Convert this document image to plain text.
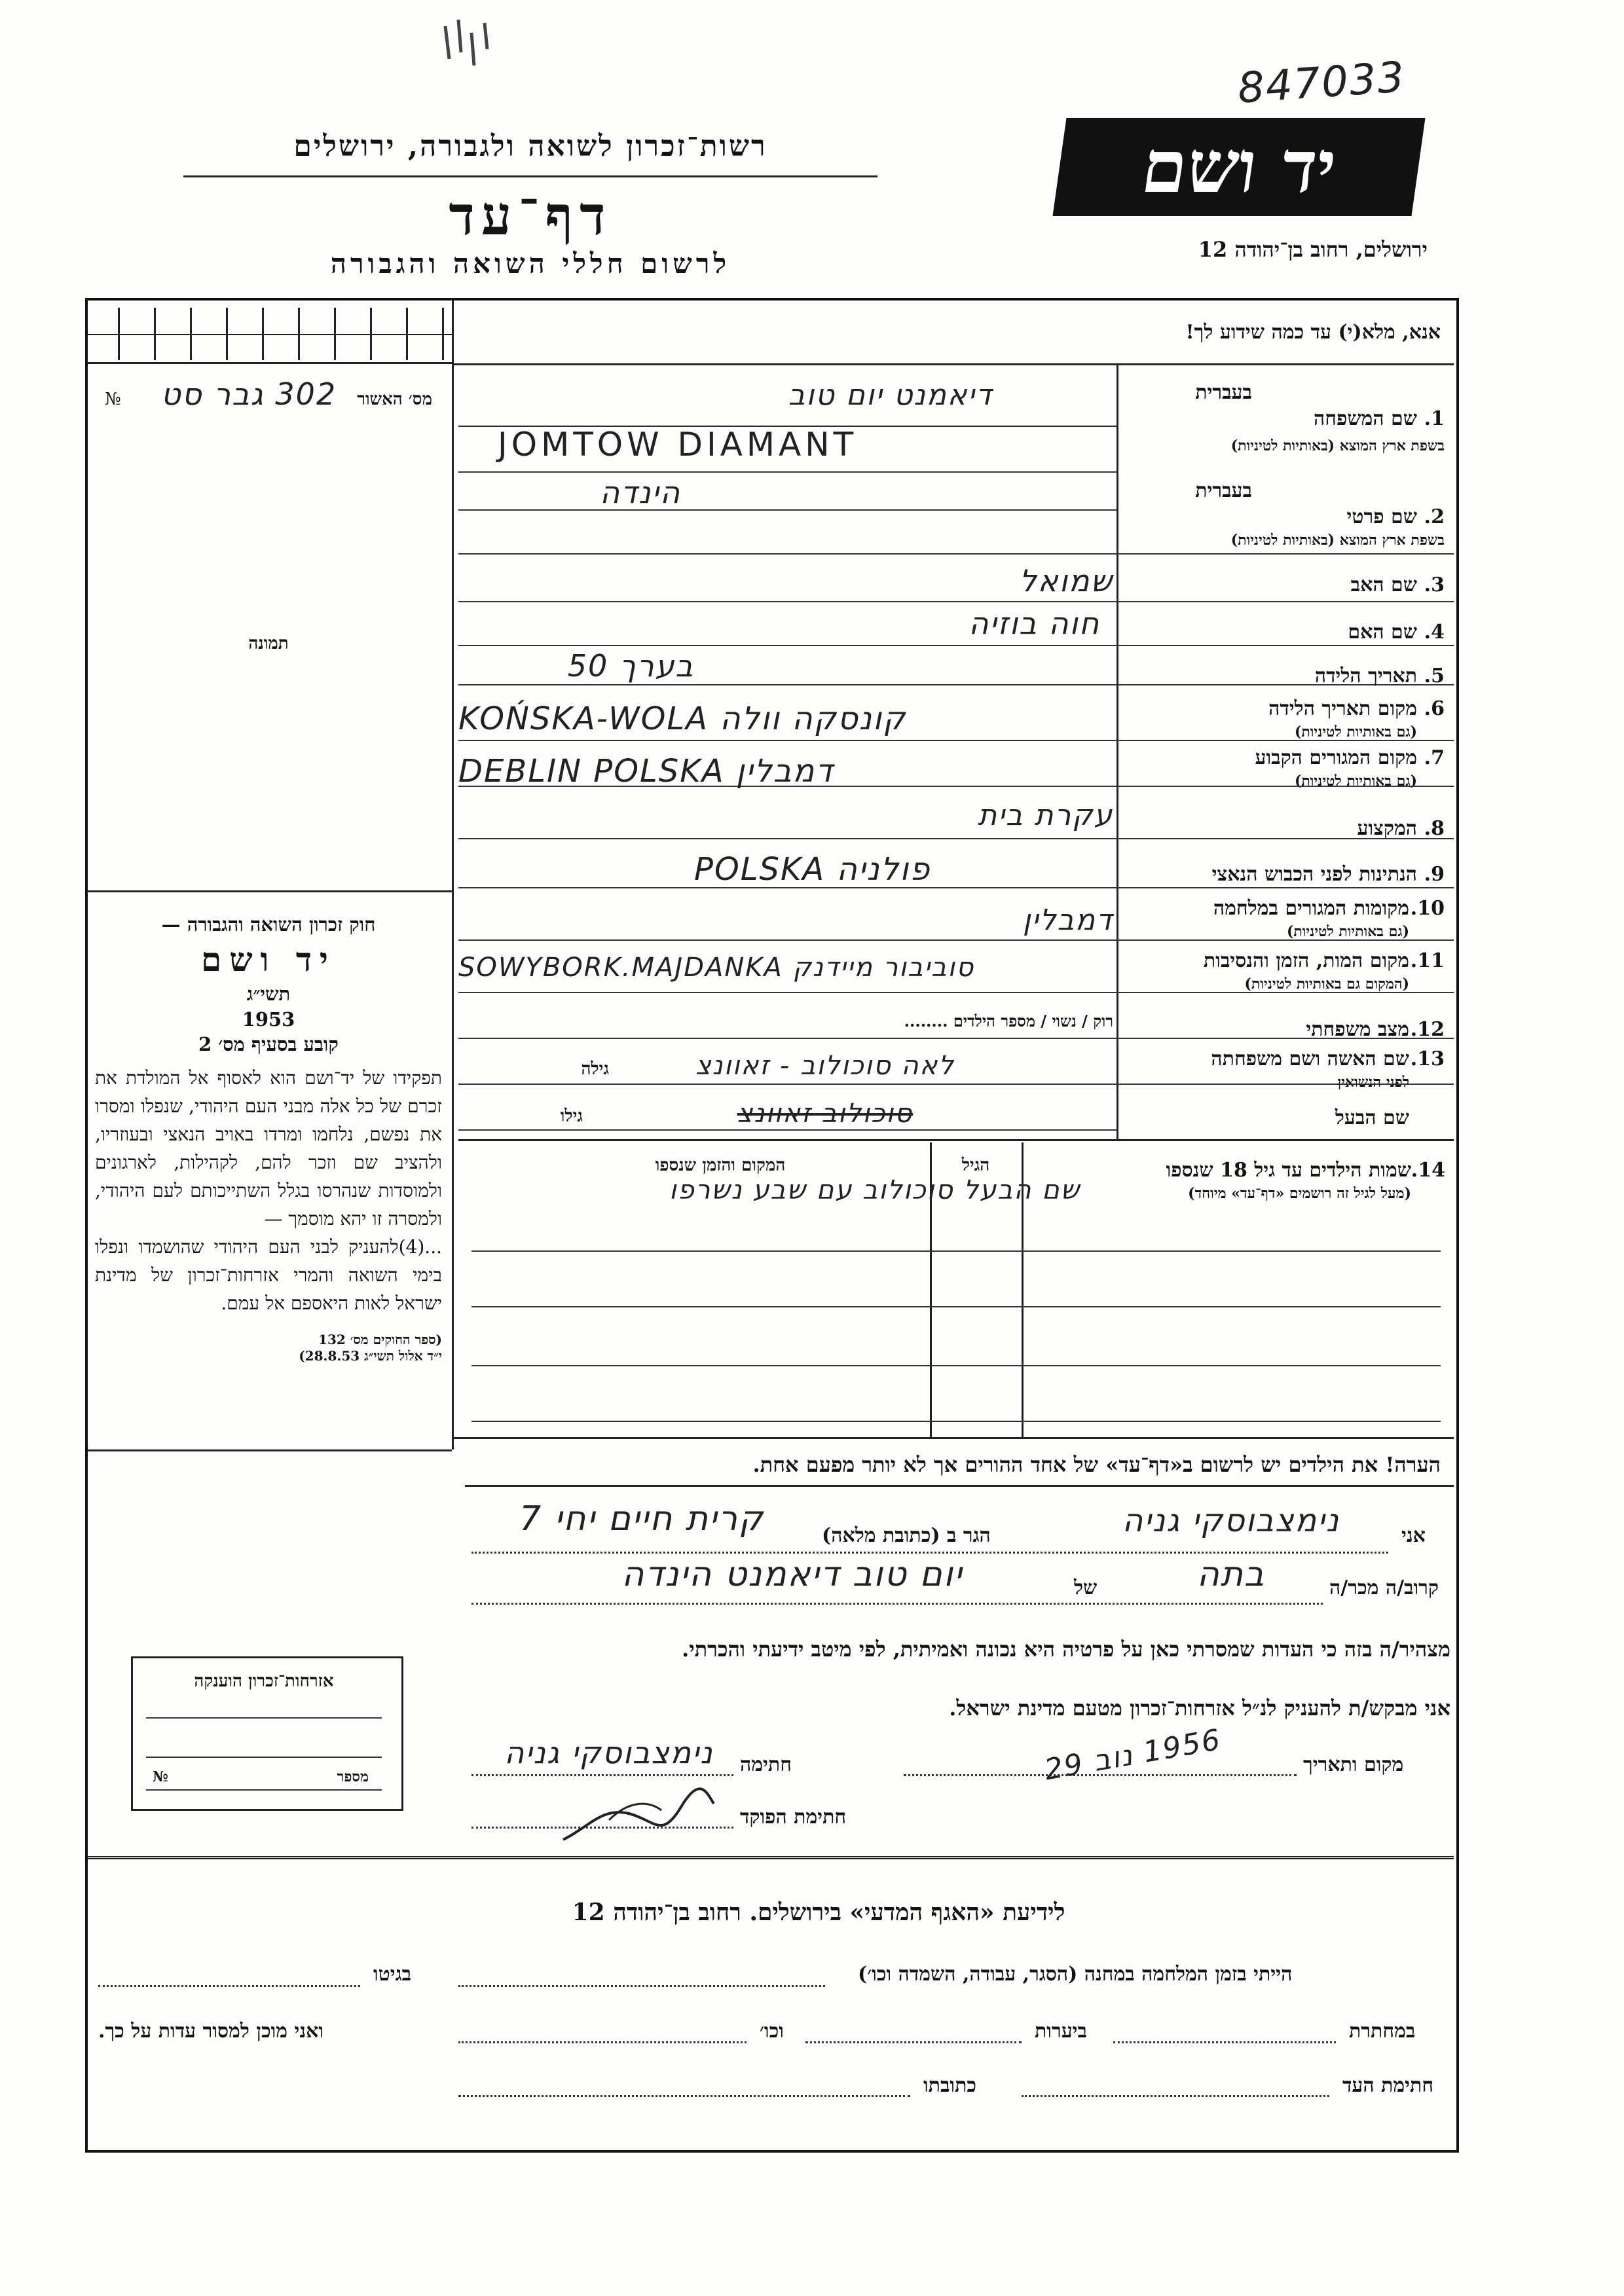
847033
רשות־זכרון לשואה ולגבורה, ירושלים
דף־עד
לרשום חללי השואה והגבורה
יד ושם
ירושלים, רחוב בן־יהודה 12
מס׳ האשור
302 גבר סט
№
תמונה
חוק זכרון השואה והגבורה —
יד ושם
תשי״ג
1953
קובע בסעיף מס׳ 2
תפקידו של יד־ושם הוא לאסוף אל המולדת את זכרם של כל אלה מבני העם היהודי, שנפלו ומסרו את נפשם, נלחמו ומרדו באויב הנאצי ובעוזריו, ולהציב שם וזכר להם, לקהילות, לארגונים ולמוסדות שנהרסו בגלל השתייכותם לעם היהודי, ולמסרה זו יהא מוסמך —
...(4)להעניק לבני העם היהודי שהושמדו ונפלו בימי השואה והמרי אזרחות־זכרון של מדינת ישראל לאות היאספם אל עמם.
(ספר החוקים מס׳ 132
י״ד אלול תשי״ג 28.8.53)
אנא, מלא(י) עד כמה שידוע לך!
בעברית
1.
שם המשפחה
בשפת ארץ המוצא (באותיות לטיניות)
בעברית
2.
שם פרטי
בשפת ארץ המוצא (באותיות לטיניות)
3.
שם האב
4.
שם האם
5.
תאריך הלידה
6.
מקום תאריך הלידה
(גם באותיות לטיניות)
7.
מקום המגורים הקבוע
(גם באותיות לטיניות)
8.
המקצוע
9.
הנתינות לפני הכבוש הנאצי
10.
מקומות המגורים במלחמה
(גם באותיות לטיניות)
11.
מקום המות, הזמן והנסיבות
(המקום גם באותיות לטיניות)
12.
מצב משפחתי
13.
שם האשה ושם משפחתה
לפני הנשואין
שם הבעל
דיאמנט יום טוב
JOMTOW DIAMANT
הינדה
שמואל
חוה בוזיה
בערך 50
KOŃSKA-WOLA קונסקה וולה
DEBLIN POLSKA דמבלין
עקרת בית
POLSKA פולניה
דמבלין
SOWYBORK.MAJDANKA סוביבור מיידנק
רוק / נשוי / מספר הילדים ........
לאה סוכולוב - זאוונצ
גילה
סוכולוב זאוונצ
גילו
14.
שמות הילדים עד גיל 18 שנספו
(מעל לגיל זה רושמים «דף־עד» מיוחד)
הגיל
המקום והזמן שנספו
שם הבעל סוכולוב עם שבע נשרפו
הערה! את הילדים יש לרשום ב«דף־עד» של אחד ההורים אך לא יותר מפעם אחת.
אני
נימצבוסקי גניה
הגר ב (כתובת מלאה)
קרית חיים יחי 7
קרוב/ה מכר/ה
בתה
של
יום טוב דיאמנט הינדה
מצהיר/ה בזה כי העדות שמסרתי כאן על פרטיה היא נכונה ואמיתית, לפי מיטב ידיעתי והכרתי.
אני מבקש/ת להעניק לנ״ל אזרחות־זכרון מטעם מדינת ישראל.
מקום ותאריך
1956 נוב 29
חתימה
נימצבוסקי גניה
חתימת הפוקד
אזרחות־זכרון הוענקה
מספר
№
לידיעת «האגף המדעי» בירושלים. רחוב בן־יהודה 12
הייתי בזמן המלחמה במחנה (הסגר, עבודה, השמדה וכו׳)
בגיטו
במחתרת
ביערות
וכו׳
ואני מוכן למסור עדות על כך.
חתימת העד
כתובתו
